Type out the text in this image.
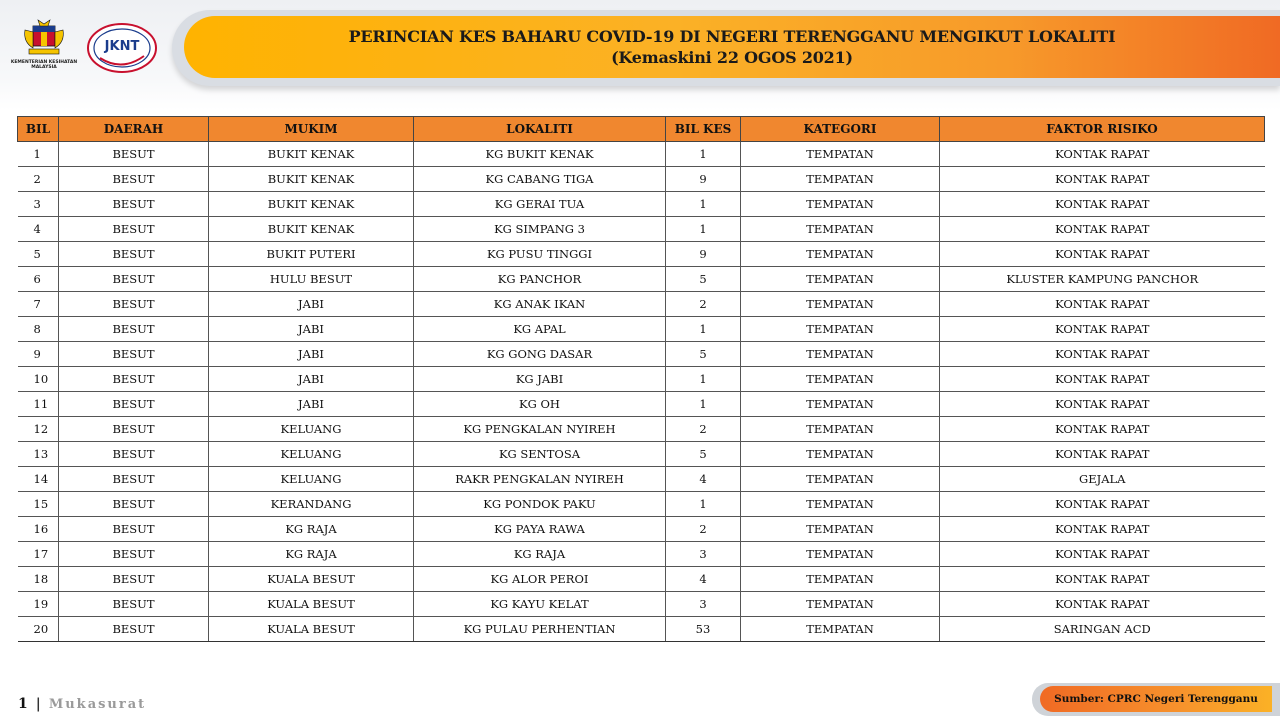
KEMENTERIAN KESIHATAN MALAYSIA
JKNT
PERINCIAN KES BAHARU COVID-19 DI NEGERI TERENGGANU MENGIKUT LOKALITI
(Kemaskini 22 OGOS 2021)
BIL	DAERAH	MUKIM	LOKALITI	BIL KES	KATEGORI	FAKTOR RISIKO
1	BESUT	BUKIT KENAK	KG BUKIT KENAK	1	TEMPATAN	KONTAK RAPAT
2	BESUT	BUKIT KENAK	KG CABANG TIGA	9	TEMPATAN	KONTAK RAPAT
3	BESUT	BUKIT KENAK	KG GERAI TUA	1	TEMPATAN	KONTAK RAPAT
4	BESUT	BUKIT KENAK	KG SIMPANG 3	1	TEMPATAN	KONTAK RAPAT
5	BESUT	BUKIT PUTERI	KG PUSU TINGGI	9	TEMPATAN	KONTAK RAPAT
6	BESUT	HULU BESUT	KG PANCHOR	5	TEMPATAN	KLUSTER KAMPUNG PANCHOR
7	BESUT	JABI	KG ANAK IKAN	2	TEMPATAN	KONTAK RAPAT
8	BESUT	JABI	KG APAL	1	TEMPATAN	KONTAK RAPAT
9	BESUT	JABI	KG GONG DASAR	5	TEMPATAN	KONTAK RAPAT
10	BESUT	JABI	KG JABI	1	TEMPATAN	KONTAK RAPAT
11	BESUT	JABI	KG OH	1	TEMPATAN	KONTAK RAPAT
12	BESUT	KELUANG	KG PENGKALAN NYIREH	2	TEMPATAN	KONTAK RAPAT
13	BESUT	KELUANG	KG SENTOSA	5	TEMPATAN	KONTAK RAPAT
14	BESUT	KELUANG	RAKR PENGKALAN NYIREH	4	TEMPATAN	GEJALA
15	BESUT	KERANDANG	KG PONDOK PAKU	1	TEMPATAN	KONTAK RAPAT
16	BESUT	KG RAJA	KG PAYA RAWA	2	TEMPATAN	KONTAK RAPAT
17	BESUT	KG RAJA	KG RAJA	3	TEMPATAN	KONTAK RAPAT
18	BESUT	KUALA BESUT	KG ALOR PEROI	4	TEMPATAN	KONTAK RAPAT
19	BESUT	KUALA BESUT	KG KAYU KELAT	3	TEMPATAN	KONTAK RAPAT
20	BESUT	KUALA BESUT	KG PULAU PERHENTIAN	53	TEMPATAN	SARINGAN ACD
1 | Mukasurat	Sumber: CPRC Negeri Terengganu
